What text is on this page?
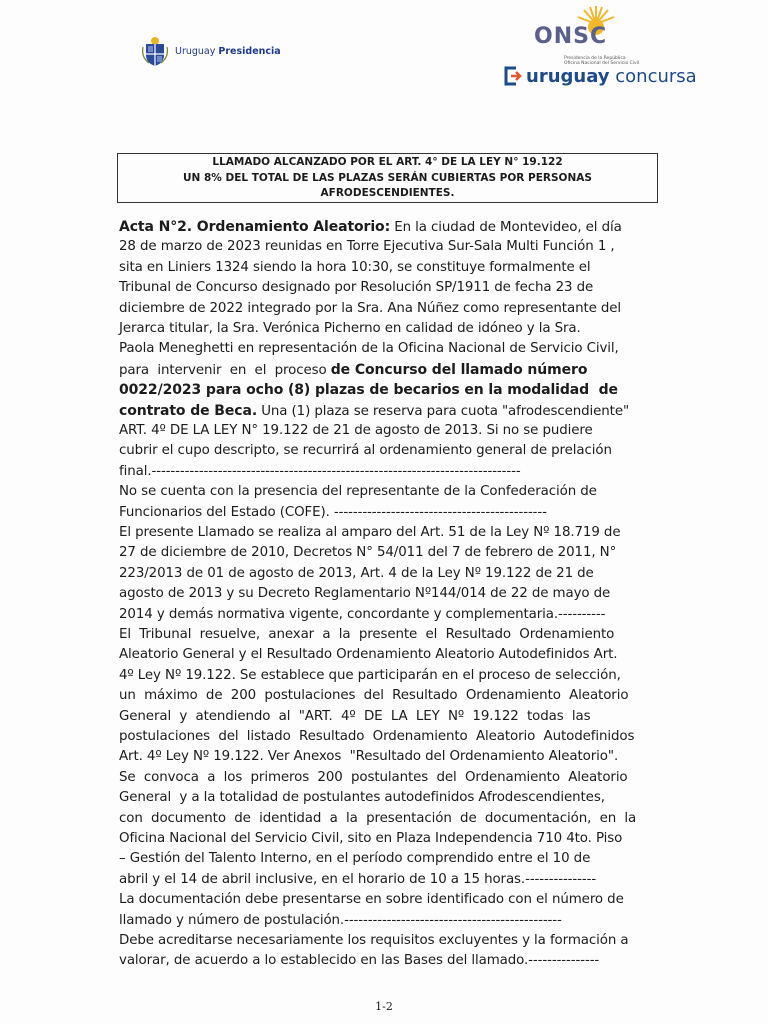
Uruguay Presidencia
ONSC
Presidencia de la República
Oficina Nacional del Servicio Civil
uruguay concursa
LLAMADO ALCANZADO POR EL ART. 4° DE LA LEY N° 19.122
UN 8% DEL TOTAL DE LAS PLAZAS SERÁN CUBIERTAS POR PERSONAS
AFRODESCENDIENTES.
Acta N°2. Ordenamiento Aleatorio: En la ciudad de Montevideo, el día
28 de marzo de 2023 reunidas en Torre Ejecutiva Sur-Sala Multi Función 1 ,
sita en Liniers 1324 siendo la hora 10:30, se constituye formalmente el
Tribunal de Concurso designado por Resolución SP/1911 de fecha 23 de
diciembre de 2022 integrado por la Sra. Ana Núñez como representante del
Jerarca titular, la Sra. Verónica Picherno en calidad de idóneo y la Sra.
Paola Meneghetti en representación de la Oficina Nacional de Servicio Civil,
para  intervenir  en  el  proceso de Concurso del llamado número
0022/2023 para ocho (8) plazas de becarios en la modalidad  de
contrato de Beca. Una (1) plaza se reserva para cuota "afrodescendiente"
ART. 4º DE LA LEY N° 19.122 de 21 de agosto de 2013. Si no se pudiere
cubrir el cupo descripto, se recurrirá al ordenamiento general de prelación
final.------------------------------------------------------------------------------
No se cuenta con la presencia del representante de la Confederación de
Funcionarios del Estado (COFE). ---------------------------------------------
El presente Llamado se realiza al amparo del Art. 51 de la Ley Nº 18.719 de
27 de diciembre de 2010, Decretos N° 54/011 del 7 de febrero de 2011, N°
223/2013 de 01 de agosto de 2013, Art. 4 de la Ley Nº 19.122 de 21 de
agosto de 2013 y su Decreto Reglamentario Nº144/014 de 22 de mayo de
2014 y demás normativa vigente, concordante y complementaria.----------
El  Tribunal  resuelve,  anexar  a  la  presente  el  Resultado  Ordenamiento
Aleatorio General y el Resultado Ordenamiento Aleatorio Autodefinidos Art.
4º Ley Nº 19.122. Se establece que participarán en el proceso de selección,
un  máximo  de  200  postulaciones  del  Resultado  Ordenamiento  Aleatorio
General  y  atendiendo  al  "ART.  4º  DE  LA  LEY  Nº  19.122  todas  las
postulaciones  del  listado  Resultado  Ordenamiento  Aleatorio  Autodefinidos
Art. 4º Ley Nº 19.122. Ver Anexos  "Resultado del Ordenamiento Aleatorio".
Se  convoca  a  los  primeros  200  postulantes  del  Ordenamiento  Aleatorio
General  y a la totalidad de postulantes autodefinidos Afrodescendientes,
con  documento  de  identidad  a  la  presentación  de  documentación,  en  la
Oficina Nacional del Servicio Civil, sito en Plaza Independencia 710 4to. Piso
– Gestión del Talento Interno, en el período comprendido entre el 10 de
abril y el 14 de abril inclusive, en el horario de 10 a 15 horas.---------------
La documentación debe presentarse en sobre identificado con el número de
llamado y número de postulación.----------------------------------------------
Debe acreditarse necesariamente los requisitos excluyentes y la formación a
valorar, de acuerdo a lo establecido en las Bases del llamado.---------------
1-2
